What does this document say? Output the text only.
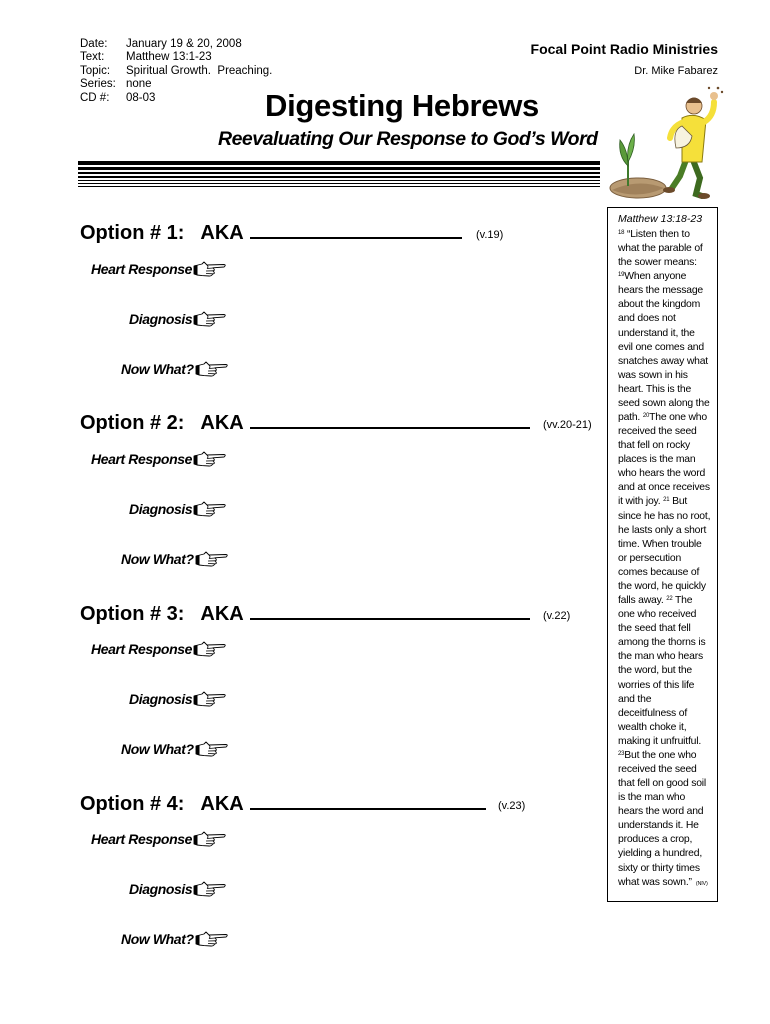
Date:	January 19 & 20, 2008
Text:	Matthew 13:1-23
Topic:	Spiritual Growth.  Preaching.
Series: none
CD #:	08-03
Focal Point Radio Ministries
Dr. Mike Fabarez
Digesting Hebrews
Reevaluating Our Response to God’s Word
Option # 1:   AKA	(v.19)
Heart Response
Diagnosis
Now What?
Option # 2:   AKA	(vv.20-21)
Heart Response
Diagnosis
Now What?
Option # 3:   AKA	(v.22)
Heart Response
Diagnosis
Now What?
Option # 4:   AKA	(v.23)
Heart Response
Diagnosis
Now What?
Matthew 13:18-23
$^{18}$ “Listen then to what the parable of the sower means: $^{19}$When anyone hears the message about the kingdom and does not understand it, the evil one comes and snatches away what was sown in his heart. This is the seed sown along the path. $^{20}$The one who received the seed that fell on rocky places is the man who hears the word and at once receives it with joy. $^{21}$ But since he has no root, he lasts only a short time. When trouble or persecution comes because of the word, he quickly falls away. $^{22}$ The one who received the seed that fell among the thorns is the man who hears the word, but the worries of this life and the deceitfulness of wealth choke it, making it unfruitful. $^{23}$But the one who received the seed that fell on good soil is the man who hears the word and understands it. He produces a crop, yielding a hundred, sixty or thirty times what was sown.” (NIV)
